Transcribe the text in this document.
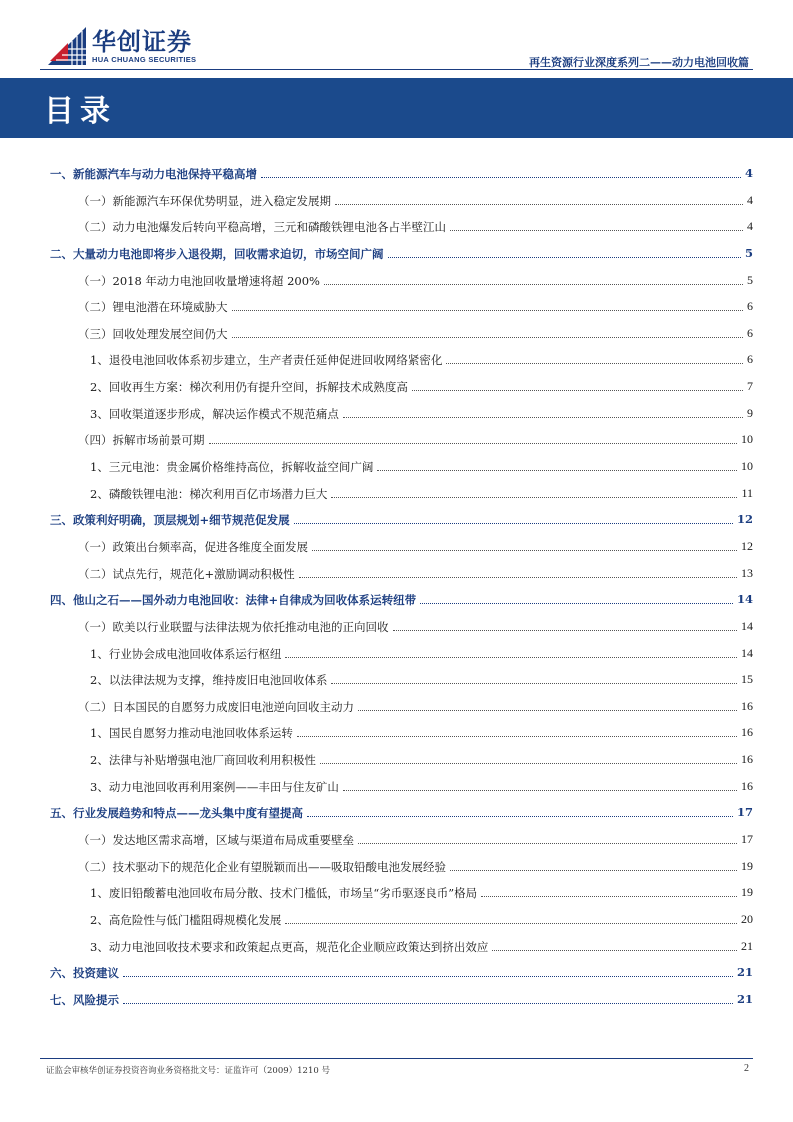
华创证券
HUA CHUANG SECURITIES	再生资源行业深度系列二——动力电池回收篇
目录
一、新能源汽车与动力电池保持平稳高增	4
（一）新能源汽车环保优势明显，进入稳定发展期	4
（二）动力电池爆发后转向平稳高增，三元和磷酸铁锂电池各占半壁江山	4
二、大量动力电池即将步入退役期，回收需求迫切，市场空间广阔	5
（一）2018 年动力电池回收量增速将超 200%	5
（二）锂电池潜在环境威胁大	6
（三）回收处理发展空间仍大	6
1、退役电池回收体系初步建立，生产者责任延伸促进回收网络紧密化	6
2、回收再生方案：梯次利用仍有提升空间，拆解技术成熟度高	7
3、回收渠道逐步形成，解决运作模式不规范痛点	9
（四）拆解市场前景可期	10
1、三元电池：贵金属价格维持高位，拆解收益空间广阔	10
2、磷酸铁锂电池：梯次利用百亿市场潜力巨大	11
三、政策利好明确，顶层规划+细节规范促发展	12
（一）政策出台频率高，促进各维度全面发展	12
（二）试点先行，规范化+激励调动积极性	13
四、他山之石——国外动力电池回收：法律+自律成为回收体系运转纽带	14
（一）欧美以行业联盟与法律法规为依托推动电池的正向回收	14
1、行业协会成电池回收体系运行枢纽	14
2、以法律法规为支撑，维持废旧电池回收体系	15
（二）日本国民的自愿努力成废旧电池逆向回收主动力	16
1、国民自愿努力推动电池回收体系运转	16
2、法律与补贴增强电池厂商回收利用积极性	16
3、动力电池回收再利用案例——丰田与住友矿山	16
五、行业发展趋势和特点——龙头集中度有望提高	17
（一）发达地区需求高增，区域与渠道布局成重要壁垒	17
（二）技术驱动下的规范化企业有望脱颖而出——吸取铅酸电池发展经验	19
1、废旧铅酸蓄电池回收布局分散、技术门槛低，市场呈“劣币驱逐良币”格局	19
2、高危险性与低门槛阻碍规模化发展	20
3、动力电池回收技术要求和政策起点更高，规范化企业顺应政策达到挤出效应	21
六、投资建议	21
七、风险提示	21
证监会审核华创证券投资咨询业务资格批文号：证监许可（2009）1210 号	2
